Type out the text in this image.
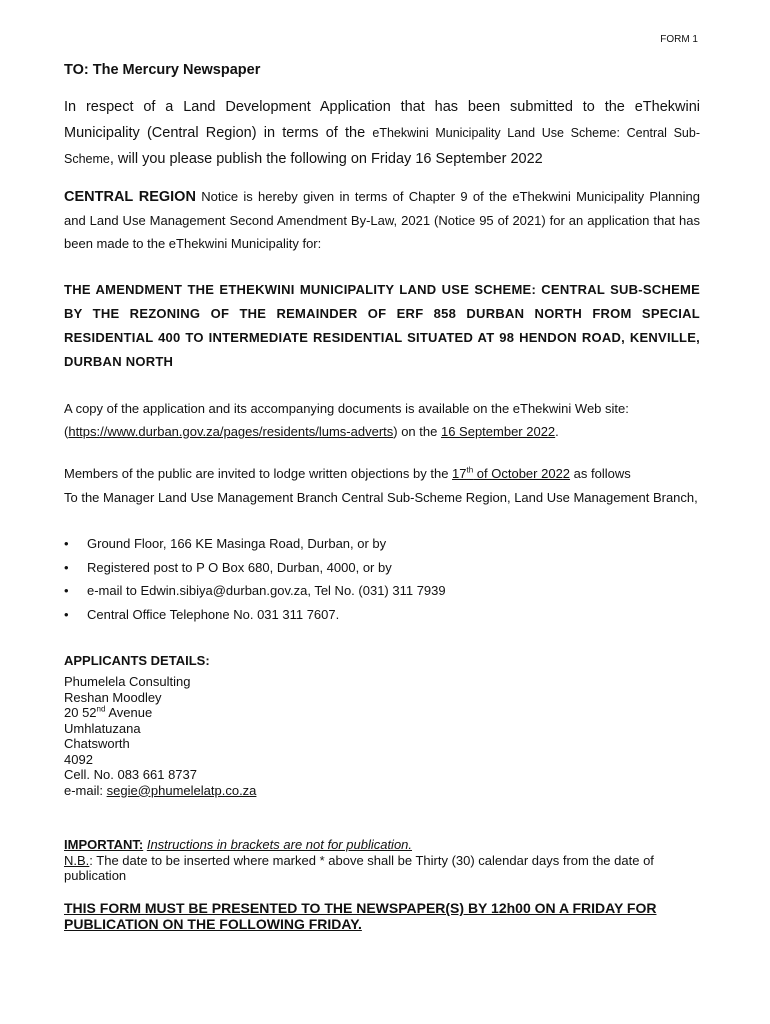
FORM 1
TO: The Mercury Newspaper
In respect of a Land Development Application that has been submitted to the eThekwini Municipality (Central Region) in terms of the eThekwini Municipality Land Use Scheme: Central Sub-Scheme, will you please publish the following on Friday 16 September 2022
CENTRAL REGION Notice is hereby given in terms of Chapter 9 of the eThekwini Municipality Planning and Land Use Management Second Amendment By-Law, 2021 (Notice 95 of 2021) for an application that has been made to the eThekwini Municipality for:
THE AMENDMENT THE ETHEKWINI MUNICIPALITY LAND USE SCHEME: CENTRAL SUB-SCHEME BY THE REZONING OF THE REMAINDER OF ERF 858 DURBAN NORTH FROM SPECIAL RESIDENTIAL 400 TO INTERMEDIATE RESIDENTIAL SITUATED AT 98 HENDON ROAD, KENVILLE, DURBAN NORTH
A copy of the application and its accompanying documents is available on the eThekwini Web site: (https://www.durban.gov.za/pages/residents/lums-adverts) on the 16 September 2022.
Members of the public are invited to lodge written objections by the 17th of October 2022 as follows
To the Manager Land Use Management Branch Central Sub-Scheme Region, Land Use Management Branch,
• Ground Floor, 166 KE Masinga Road, Durban, or by
• Registered post to P O Box 680, Durban, 4000, or by
• e-mail to Edwin.sibiya@durban.gov.za, Tel No. (031) 311 7939
• Central Office Telephone No. 031 311 7607.
APPLICANTS DETAILS:
Phumelela Consulting
Reshan Moodley
20 52nd Avenue
Umhlatuzana
Chatsworth
4092
Cell. No. 083 661 8737
e-mail: segie@phumelelatp.co.za
IMPORTANT: Instructions in brackets are not for publication.
N.B.: The date to be inserted where marked * above shall be Thirty (30) calendar days from the date of publication
THIS FORM MUST BE PRESENTED TO THE NEWSPAPER(S) BY 12h00 ON A FRIDAY FOR PUBLICATION ON THE FOLLOWING FRIDAY.
